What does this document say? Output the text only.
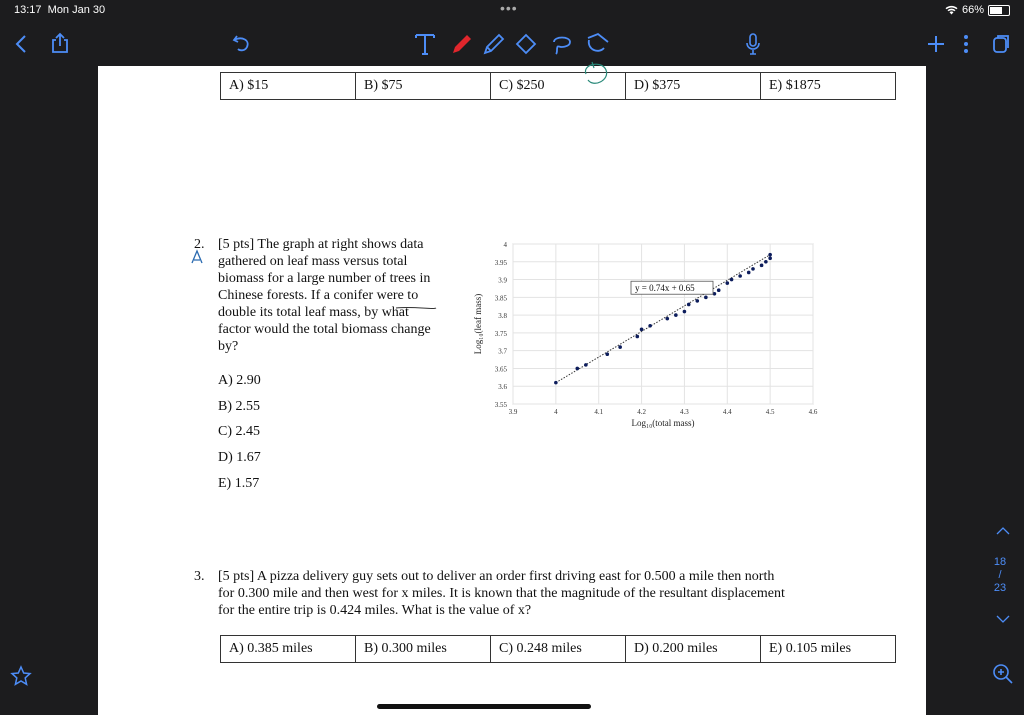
13:17 Mon Jan 30	•••	66%
18
/
23
A) $15	B) $75	C) $250	D) $375	E) $1875
2. [5 pts] The graph at right shows data
gathered on leaf mass versus total
biomass for a large number of trees in
Chinese forests. If a conifer were to
double its total leaf mass, by what
factor would the total biomass change
by?
A) 2.90
B) 2.55
C) 2.45
D) 1.67
E) 1.57
3.55
3.6
3.65
3.7
3.75
3.8
3.85
3.9
3.95
4
3.9	4	4.1	4.2	4.3	4.4	4.5	4.6
Log₁₀(total mass)
Log₁₀(leaf mass)
y = 0.74x + 0.65
3. [5 pts] A pizza delivery guy sets out to deliver an order first driving east for 0.500 a mile then north
for 0.300 mile and then west for x miles. It is known that the magnitude of the resultant displacement
for the entire trip is 0.424 miles. What is the value of x?
A) 0.385 miles	B) 0.300 miles	C) 0.248 miles	D) 0.200 miles	E) 0.105 miles
